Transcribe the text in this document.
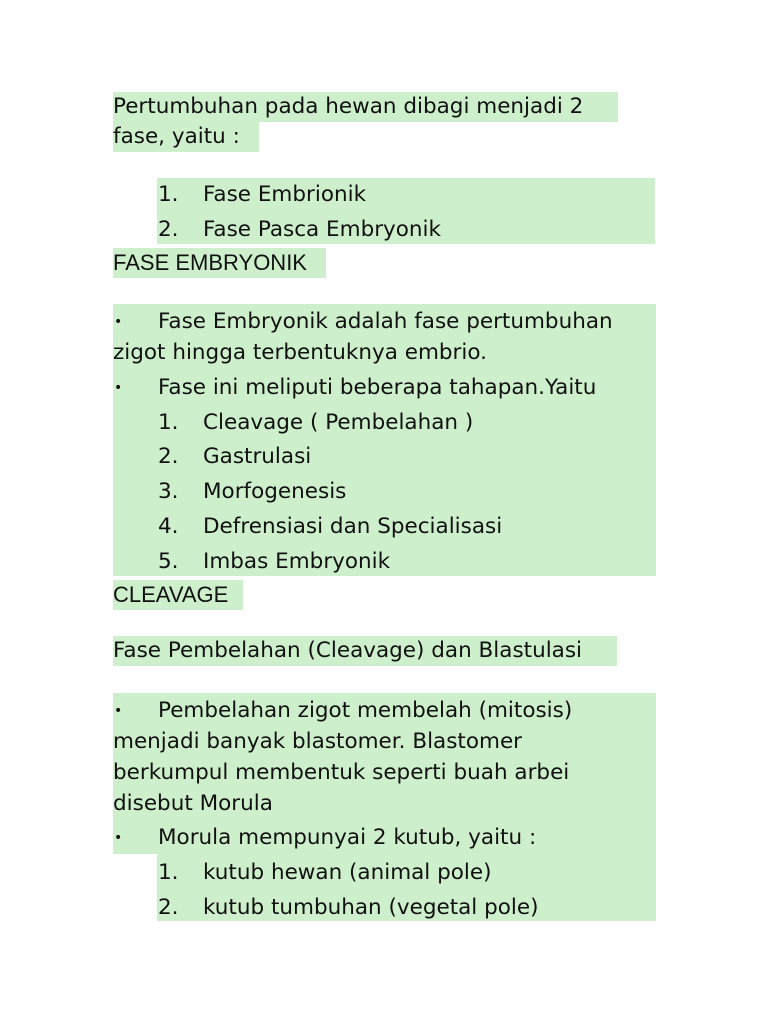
Pertumbuhan pada hewan dibagi menjadi 2
fase, yaitu :
1. Fase Embrionik
2. Fase Pasca Embryonik
FASE EMBRYONIK
• Fase Embryonik adalah fase pertumbuhan
zigot hingga terbentuknya embrio.
• Fase ini meliputi beberapa tahapan.Yaitu
1. Cleavage ( Pembelahan )
2. Gastrulasi
3. Morfogenesis
4. Defrensiasi dan Specialisasi
5. Imbas Embryonik
CLEAVAGE
Fase Pembelahan (Cleavage) dan Blastulasi
• Pembelahan zigot membelah (mitosis)
menjadi banyak blastomer. Blastomer
berkumpul membentuk seperti buah arbei
disebut Morula
• Morula mempunyai 2 kutub, yaitu :
1. kutub hewan (animal pole)
2. kutub tumbuhan (vegetal pole)
